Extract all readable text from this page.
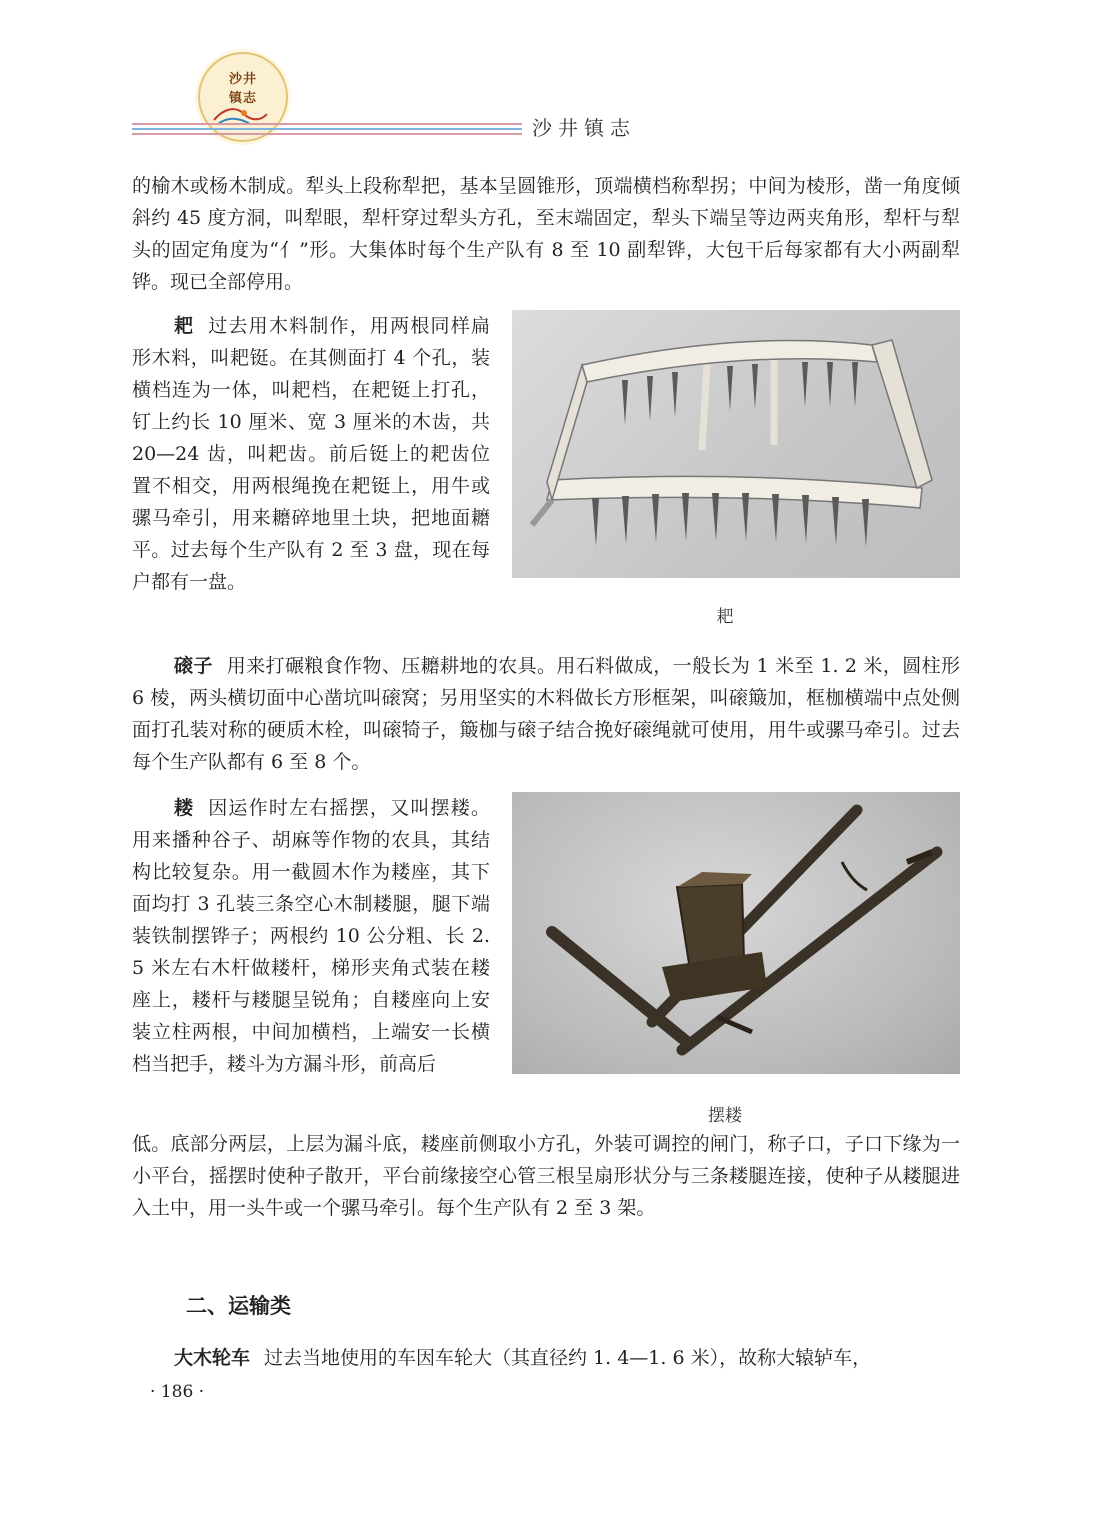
沙井
镇志
沙井镇志

的榆木或杨木制成。犁头上段称犁把，基本呈圆锥形，顶端横档称犁拐；中间为棱形，凿一角度倾斜约 45 度方洞，叫犁眼，犁杆穿过犁头方孔，至末端固定，犁头下端呈等边两夹角形，犁杆与犁头的固定角度为“亻”形。大集体时每个生产队有 8 至 10 副犁铧，大包干后每家都有大小两副犁铧。现已全部停用。

耙 过去用木料制作，用两根同样扁形木料，叫耙铤。在其侧面打 4 个孔，装横档连为一体，叫耙档，在耙铤上打孔，钉上约长 10 厘米、宽 3 厘米的木齿，共 20—24 齿，叫耙齿。前后铤上的耙齿位置不相交，用两根绳挽在耙铤上，用牛或骡马牵引，用来耱碎地里土块，把地面耱平。过去每个生产队有 2 至 3 盘，现在每户都有一盘。

耙

磙子 用来打碾粮食作物、压耱耕地的农具。用石料做成，一般长为 1 米至 1. 2 米，圆柱形 6 棱，两头横切面中心凿坑叫磙窝；另用坚实的木料做长方形框架，叫磙簸加，框枷横端中点处侧面打孔装对称的硬质木栓，叫磙犄子，簸枷与磙子结合挽好磙绳就可使用，用牛或骡马牵引。过去每个生产队都有 6 至 8 个。

耧 因运作时左右摇摆，又叫摆耧。用来播种谷子、胡麻等作物的农具，其结构比较复杂。用一截圆木作为耧座，其下面均打 3 孔装三条空心木制耧腿，腿下端装铁制摆铧子；两根约 10 公分粗、长 2. 5 米左右木杆做耧杆，梯形夹角式装在耧座上，耧杆与耧腿呈锐角；自耧座向上安装立柱两根，中间加横档，上端安一长横档当把手，耧斗为方漏斗形，前高后

摆耧

低。底部分两层，上层为漏斗底，耧座前侧取小方孔，外装可调控的闸门，称子口，子口下缘为一小平台，摇摆时使种子散开，平台前缘接空心管三根呈扇形状分与三条耧腿连接，使种子从耧腿进入土中，用一头牛或一个骡马牵引。每个生产队有 2 至 3 架。

二、运输类

大木轮车 过去当地使用的车因车轮大（其直径约 1. 4—1. 6 米），故称大辕轳车，

· 186 ·
